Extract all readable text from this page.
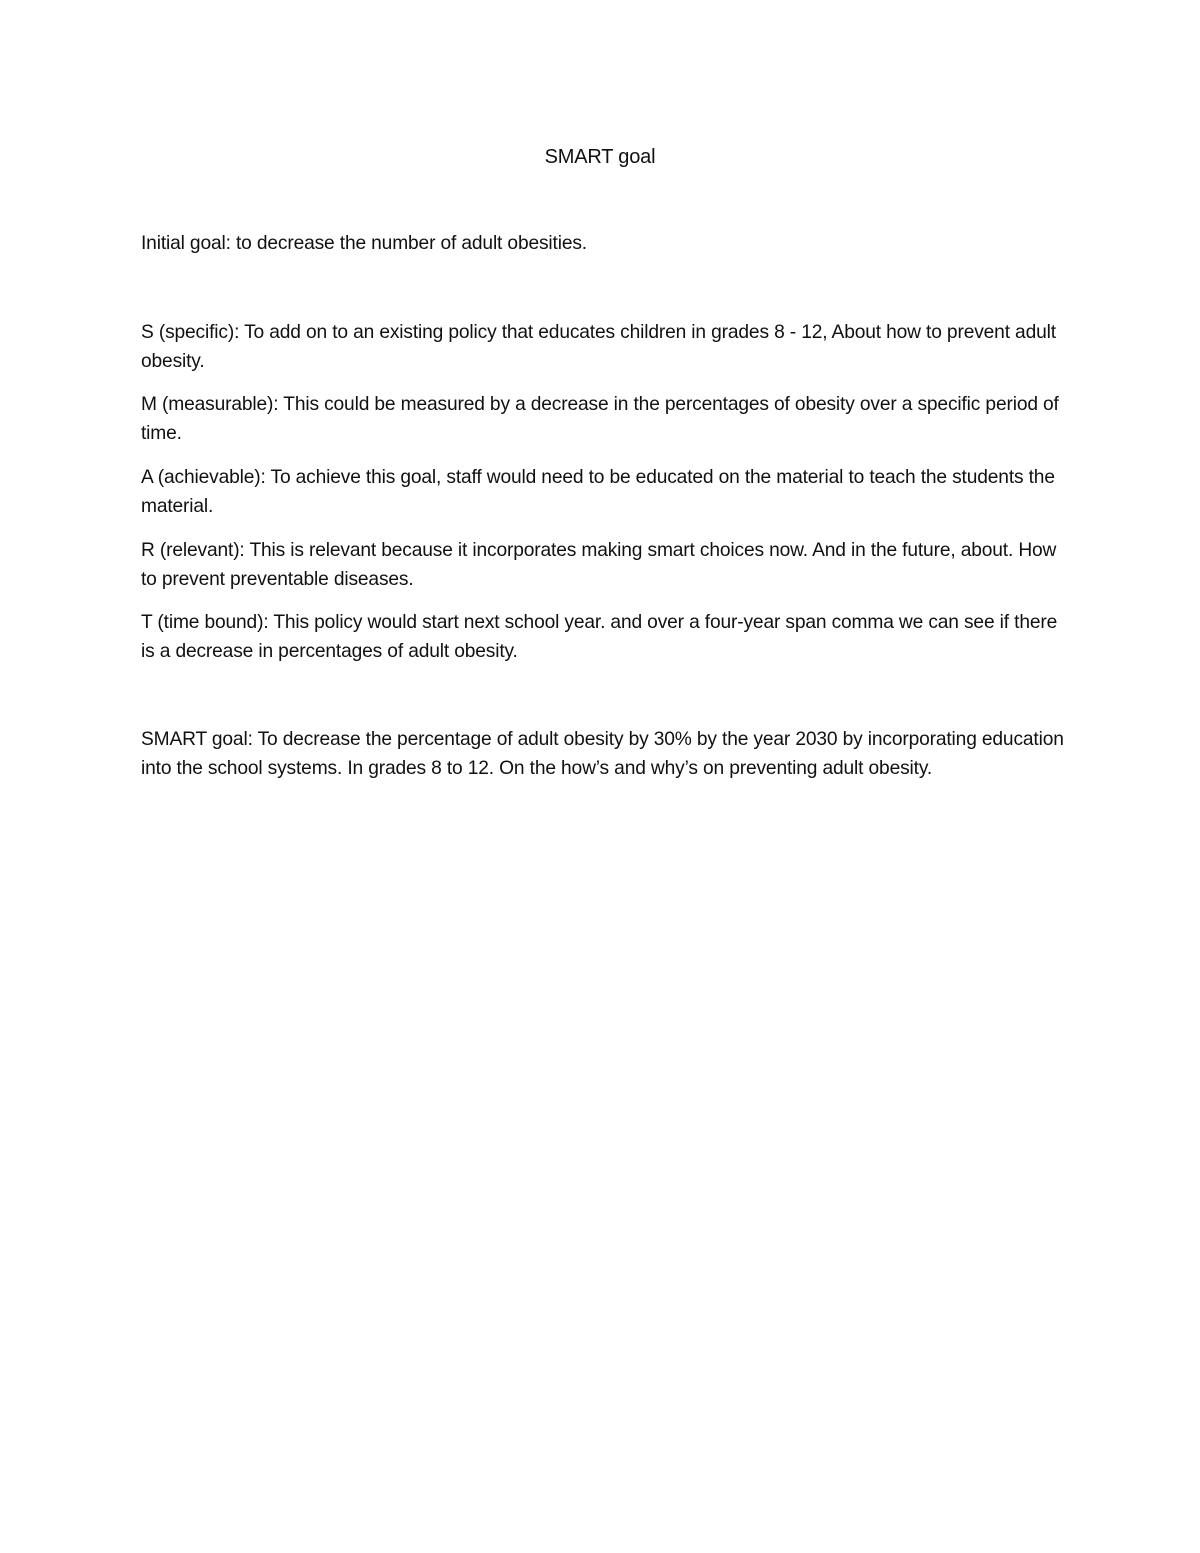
SMART goal

Initial goal: to decrease the number of adult obesities.

S (specific): To add on to an existing policy that educates children in grades 8 - 12, About how to prevent adult obesity.

M (measurable): This could be measured by a decrease in the percentages of obesity over a specific period of time.

A (achievable): To achieve this goal, staff would need to be educated on the material to teach the students the material.

R (relevant): This is relevant because it incorporates making smart choices now. And in the future, about. How to prevent preventable diseases.

T (time bound): This policy would start next school year. and over a four-year span comma we can see if there is a decrease in percentages of adult obesity.

SMART goal: To decrease the percentage of adult obesity by 30% by the year 2030 by incorporating education into the school systems. In grades 8 to 12. On the how’s and why’s on preventing adult obesity.
